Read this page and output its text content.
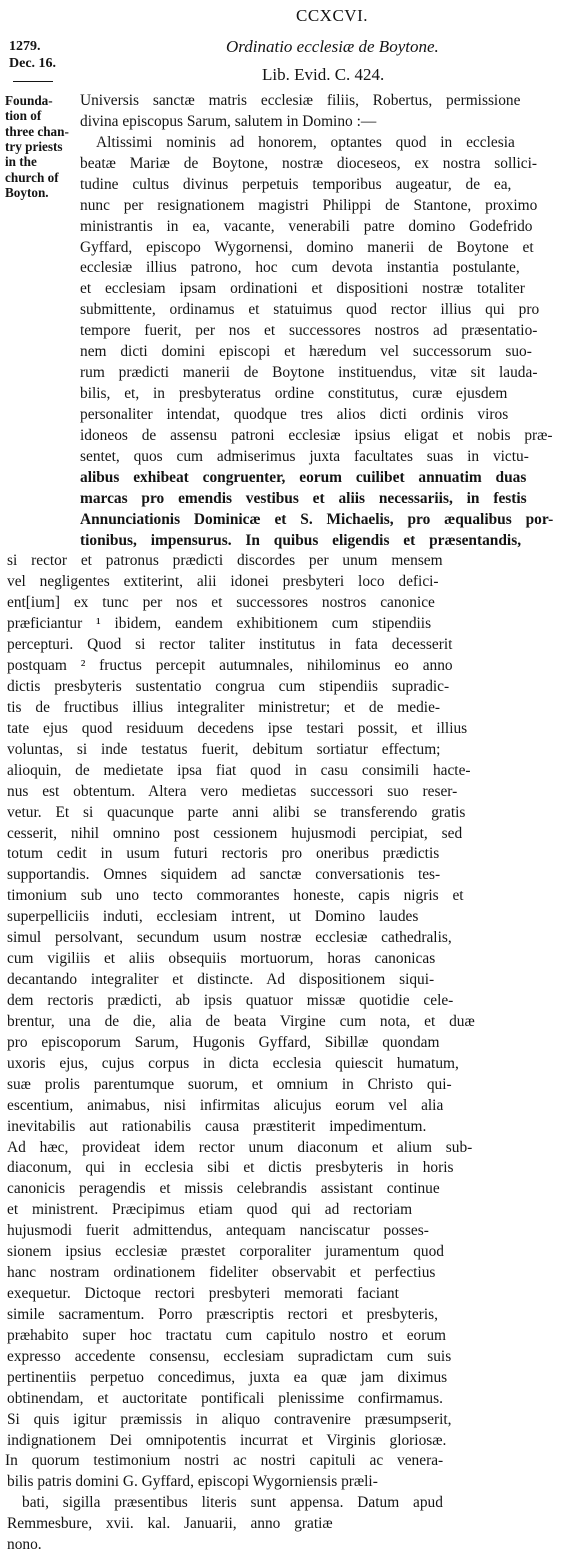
CCXCVI.
Ordinatio ecclesiæ de Boytone.
Lib. Evid. C. 424.
1279.
Dec. 16.
Founda-
tion of
three chan-
try priests
in the
church of
Boyton.
Universis sanctæ matris ecclesiæ filiis, Robertus, permissione
divina episcopus Sarum, salutem in Domino :—
Altissimi nominis ad honorem, optantes quod in ecclesia
beatæ Mariæ de Boytone, nostræ dioceseos, ex nostra sollici-
tudine cultus divinus perpetuis temporibus augeatur, de ea,
nunc per resignationem magistri Philippi de Stantone, proximo
ministrantis in ea, vacante, venerabili patre domino Godefrido
Gyffard, episcopo Wygornensi, domino manerii de Boytone et
ecclesiæ illius patrono, hoc cum devota instantia postulante,
et ecclesiam ipsam ordinationi et dispositioni nostræ totaliter
submittente, ordinamus et statuimus quod rector illius qui pro
tempore fuerit, per nos et successores nostros ad præsentatio-
nem dicti domini episcopi et hæredum vel successorum suo-
rum prædicti manerii de Boytone instituendus, vitæ sit lauda-
bilis, et, in presbyteratus ordine constitutus, curæ ejusdem
personaliter intendat, quodque tres alios dicti ordinis viros
idoneos de assensu patroni ecclesiæ ipsius eligat et nobis præ-
sentet, quos cum admiserimus juxta facultates suas in victu-
alibus exhibeat congruenter, eorum cuilibet annuatim duas
marcas pro emendis vestibus et aliis necessariis, in festis
Annunciationis Dominicæ et S. Michaelis, pro æqualibus por-
tionibus, impensurus. In quibus eligendis et præsentandis,
si rector et patronus prædicti discordes per unum mensem
vel negligentes extiterint, alii idonei presbyteri loco defici-
ent[ium] ex tunc per nos et successores nostros canonice
præficiantur ¹ ibidem, eandem exhibitionem cum stipendiis
percepturi. Quod si rector taliter institutus in fata decesserit
postquam ² fructus percepit autumnales, nihilominus eo anno
dictis presbyteris sustentatio congrua cum stipendiis supradic-
tis de fructibus illius integraliter ministretur; et de medie-
tate ejus quod residuum decedens ipse testari possit, et illius
voluntas, si inde testatus fuerit, debitum sortiatur effectum;
alioquin, de medietate ipsa fiat quod in casu consimili hacte-
nus est obtentum. Altera vero medietas successori suo reser-
vetur. Et si quacunque parte anni alibi se transferendo gratis
cesserit, nihil omnino post cessionem hujusmodi percipiat, sed
totum cedit in usum futuri rectoris pro oneribus prædictis
supportandis. Omnes siquidem ad sanctæ conversationis tes-
timonium sub uno tecto commorantes honeste, capis nigris et
superpelliciis induti, ecclesiam intrent, ut Domino laudes
simul persolvant, secundum usum nostræ ecclesiæ cathedralis,
cum vigiliis et aliis obsequiis mortuorum, horas canonicas
decantando integraliter et distincte. Ad dispositionem siqui-
dem rectoris prædicti, ab ipsis quatuor missæ quotidie cele-
brentur, una de die, alia de beata Virgine cum nota, et duæ
pro episcoporum Sarum, Hugonis Gyffard, Sibillæ quondam
uxoris ejus, cujus corpus in dicta ecclesia quiescit humatum,
suæ prolis parentumque suorum, et omnium in Christo qui-
escentium, animabus, nisi infirmitas alicujus eorum vel alia
inevitabilis aut rationabilis causa præstiterit impedimentum.
Ad hæc, provideat idem rector unum diaconum et alium sub-
diaconum, qui in ecclesia sibi et dictis presbyteris in horis
canonicis peragendis et missis celebrandis assistant continue
et ministrent. Præcipimus etiam quod qui ad rectoriam
hujusmodi fuerit admittendus, antequam nanciscatur posses-
sionem ipsius ecclesiæ præstet corporaliter juramentum quod
hanc nostram ordinationem fideliter observabit et perfectius
exequetur. Dictoque rectori presbyteri memorati faciant
simile sacramentum. Porro præscriptis rectori et presbyteris,
præhabito super hoc tractatu cum capitulo nostro et eorum
expresso accedente consensu, ecclesiam supradictam cum suis
pertinentiis perpetuo concedimus, juxta ea quæ jam diximus
obtinendam, et auctoritate pontificali plenissime confirmamus.
Si quis igitur præmissis in aliquo contravenire præsumpserit,
indignationem Dei omnipotentis incurrat et Virginis gloriosæ.
In quorum testimonium nostri ac nostri capituli ac venera-
bilis patris domini G. Gyffard, episcopi Wygorniensis præli-
bati, sigilla præsentibus literis sunt appensa. Datum apud
Remmesbure, xvii. kal. Januarii, anno gratiæ
nono.
